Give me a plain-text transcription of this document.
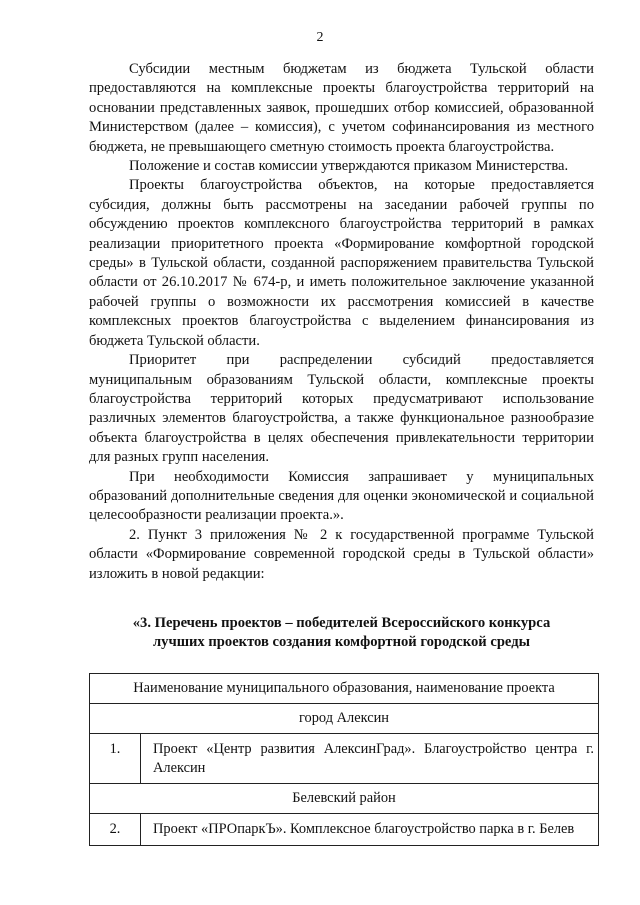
2

Субсидии местным бюджетам из бюджета Тульской области предоставляются на комплексные проекты благоустройства территорий на основании представленных заявок, прошедших отбор комиссией, образованной Министерством (далее – комиссия), с учетом софинансирования из местного бюджета, не превышающего сметную стоимость проекта благоустройства.

Положение и состав комиссии утверждаются приказом Министерства.

Проекты благоустройства объектов, на которые предоставляется субсидия, должны быть рассмотрены на заседании рабочей группы по обсуждению проектов комплексного благоустройства территорий в рамках реализации приоритетного проекта «Формирование комфортной городской среды» в Тульской области, созданной распоряжением правительства Тульской области от 26.10.2017 № 674-р, и иметь положительное заключение указанной рабочей группы о возможности их рассмотрения комиссией в качестве комплексных проектов благоустройства с выделением финансирования из бюджета Тульской области.

Приоритет при распределении субсидий предоставляется муниципальным образованиям Тульской области, комплексные проекты благоустройства территорий которых предусматривают использование различных элементов благоустройства, а также функциональное разнообразие объекта благоустройства в целях обеспечения привлекательности территории для разных групп населения.

При необходимости Комиссия запрашивает у муниципальных образований дополнительные сведения для оценки экономической и социальной целесообразности реализации проекта.».

2. Пункт 3 приложения № 2 к государственной программе Тульской области «Формирование современной городской среды в Тульской области» изложить в новой редакции:

«3. Перечень проектов – победителей Всероссийского конкурса
лучших проектов создания комфортной городской среды
Наименование муниципального образования, наименование проекта	
город Алексин	
1.	Проект «Центр развития АлексинГрад». Благоустройство центра г. Алексин
Белевский район	
2.	Проект «ПРОпаркЪ». Комплексное благоустройство парка в г. Белев
